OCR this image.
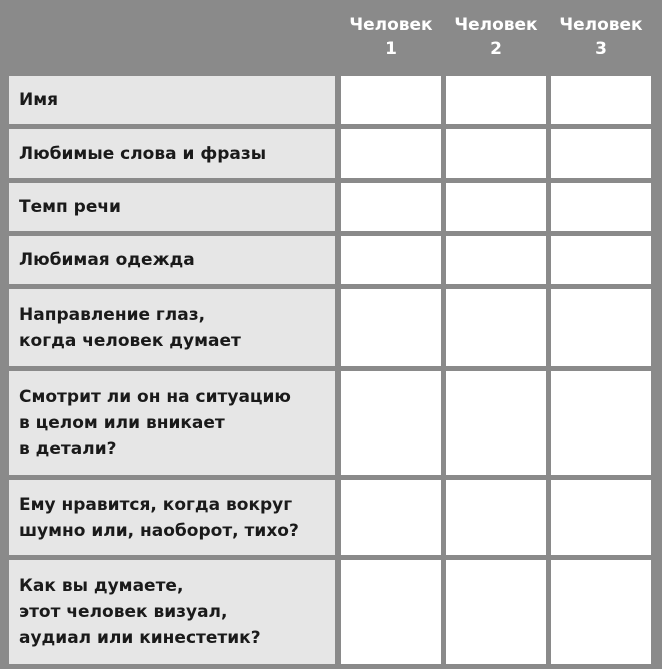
Человек
1
Человек
2
Человек
3
Имя
Любимые слова и фразы
Темп речи
Любимая одежда
Направление глаз,
когда человек думает
Смотрит ли он на ситуацию
в целом или вникает
в детали?
Ему нравится, когда вокруг
шумно или, наоборот, тихо?
Как вы думаете,
этот человек визуал,
аудиал или кинестетик?
